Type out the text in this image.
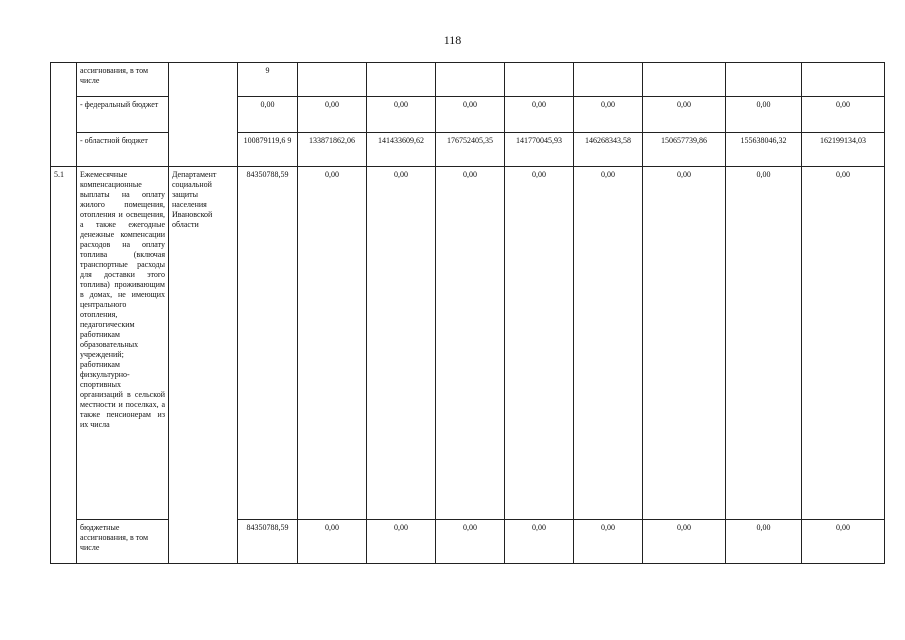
118
	ассигнования, в том числе		9								
	- федеральный бюджет		0,00	0,00	0,00	0,00	0,00	0,00	0,00	0,00	0,00
	- областной бюджет		100879119,6 9	133871862,06	141433609,62	176752405,35	141770045,93	146268343,58	150657739,86	155638046,32	162199134,03
5.1	Ежемесячные компенсационные выплаты на оплату жилого помещения, отопления и освещения, а также ежегодные денежные компенсации расходов на оплату топлива (включая транспортные расходы для доставки этого топлива) проживающим в домах, не имеющих центрального отопления, педагогическим работникам образовательных учреждений; работникам физкультурно-спортивных организаций в сельской местности и поселках, а также пенсионерам из их числа	Департамент социальной защиты населения Ивановской области	84350788,59	0,00	0,00	0,00	0,00	0,00	0,00	0,00	0,00
	бюджетные ассигнования, в том числе		84350788,59	0,00	0,00	0,00	0,00	0,00	0,00	0,00	0,00
